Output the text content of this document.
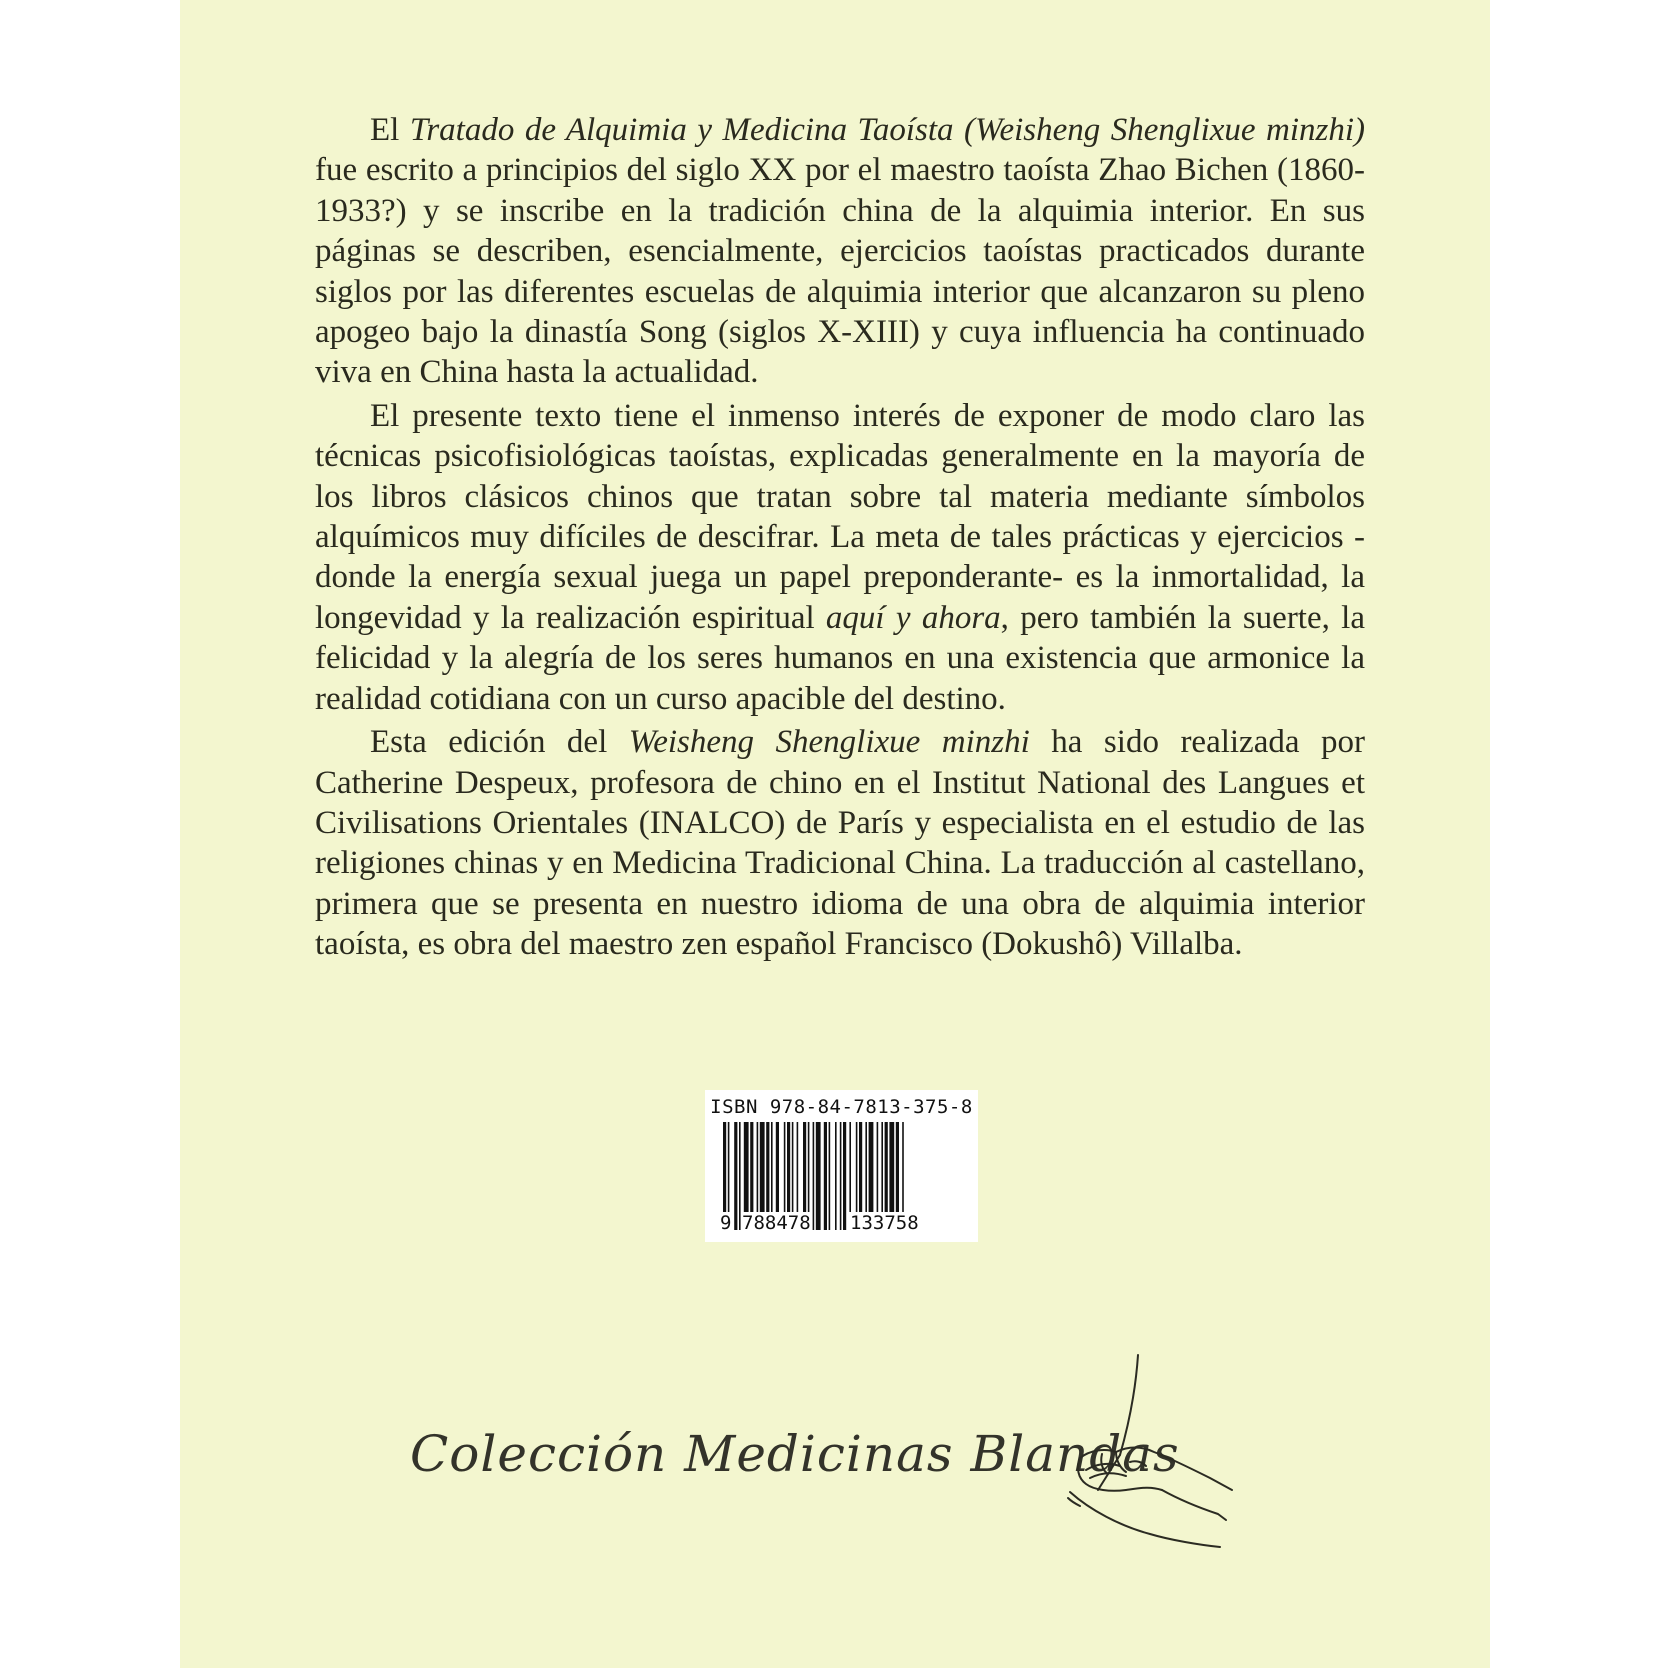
El Tratado de Alquimia y Medicina Taoísta (Weisheng Shenglixue minzhi) fue escrito a principios del siglo XX por el maestro taoísta Zhao Bichen (1860-1933?) y se inscribe en la tradición china de la alquimia interior. En sus páginas se describen, esencialmente, ejercicios taoístas practicados durante siglos por las diferentes escuelas de alquimia interior que alcanzaron su pleno apogeo bajo la dinastía Song (siglos X-XIII) y cuya influencia ha continuado viva en China hasta la actualidad.

El presente texto tiene el inmenso interés de exponer de modo claro las técnicas psicofisiológicas taoístas, explicadas generalmente en la mayoría de los libros clásicos chinos que tratan sobre tal materia mediante símbolos alquímicos muy difíciles de descifrar. La meta de tales prácticas y ejercicios -donde la energía sexual juega un papel preponderante- es la inmortalidad, la longevidad y la realización espiritual aquí y ahora, pero también la suerte, la felicidad y la alegría de los seres humanos en una existencia que armonice la realidad cotidiana con un curso apacible del destino.

Esta edición del Weisheng Shenglixue minzhi ha sido realizada por Catherine Despeux, profesora de chino en el Institut National des Langues et Civilisations Orientales (INALCO) de París y especialista en el estudio de las religiones chinas y en Medicina Tradicional China. La traducción al castellano, primera que se presenta en nuestro idioma de una obra de alquimia interior taoísta, es obra del maestro zen español Francisco (Dokushô) Villalba.

ISBN 978-84-7813-375-8
9 788478 133758
Colección Medicinas Blandas
